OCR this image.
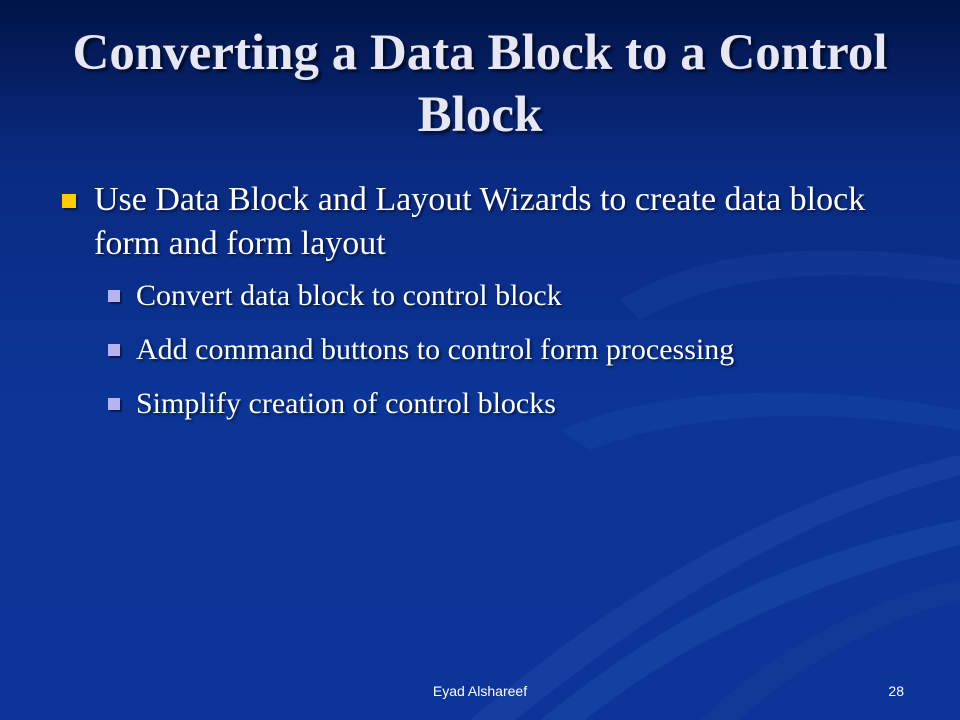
Converting a Data Block to a Control Block
Use Data Block and Layout Wizards to create data block form and form layout
Convert data block to control block
Add command buttons to control form processing
Simplify creation of control blocks
Eyad Alshareef	28
